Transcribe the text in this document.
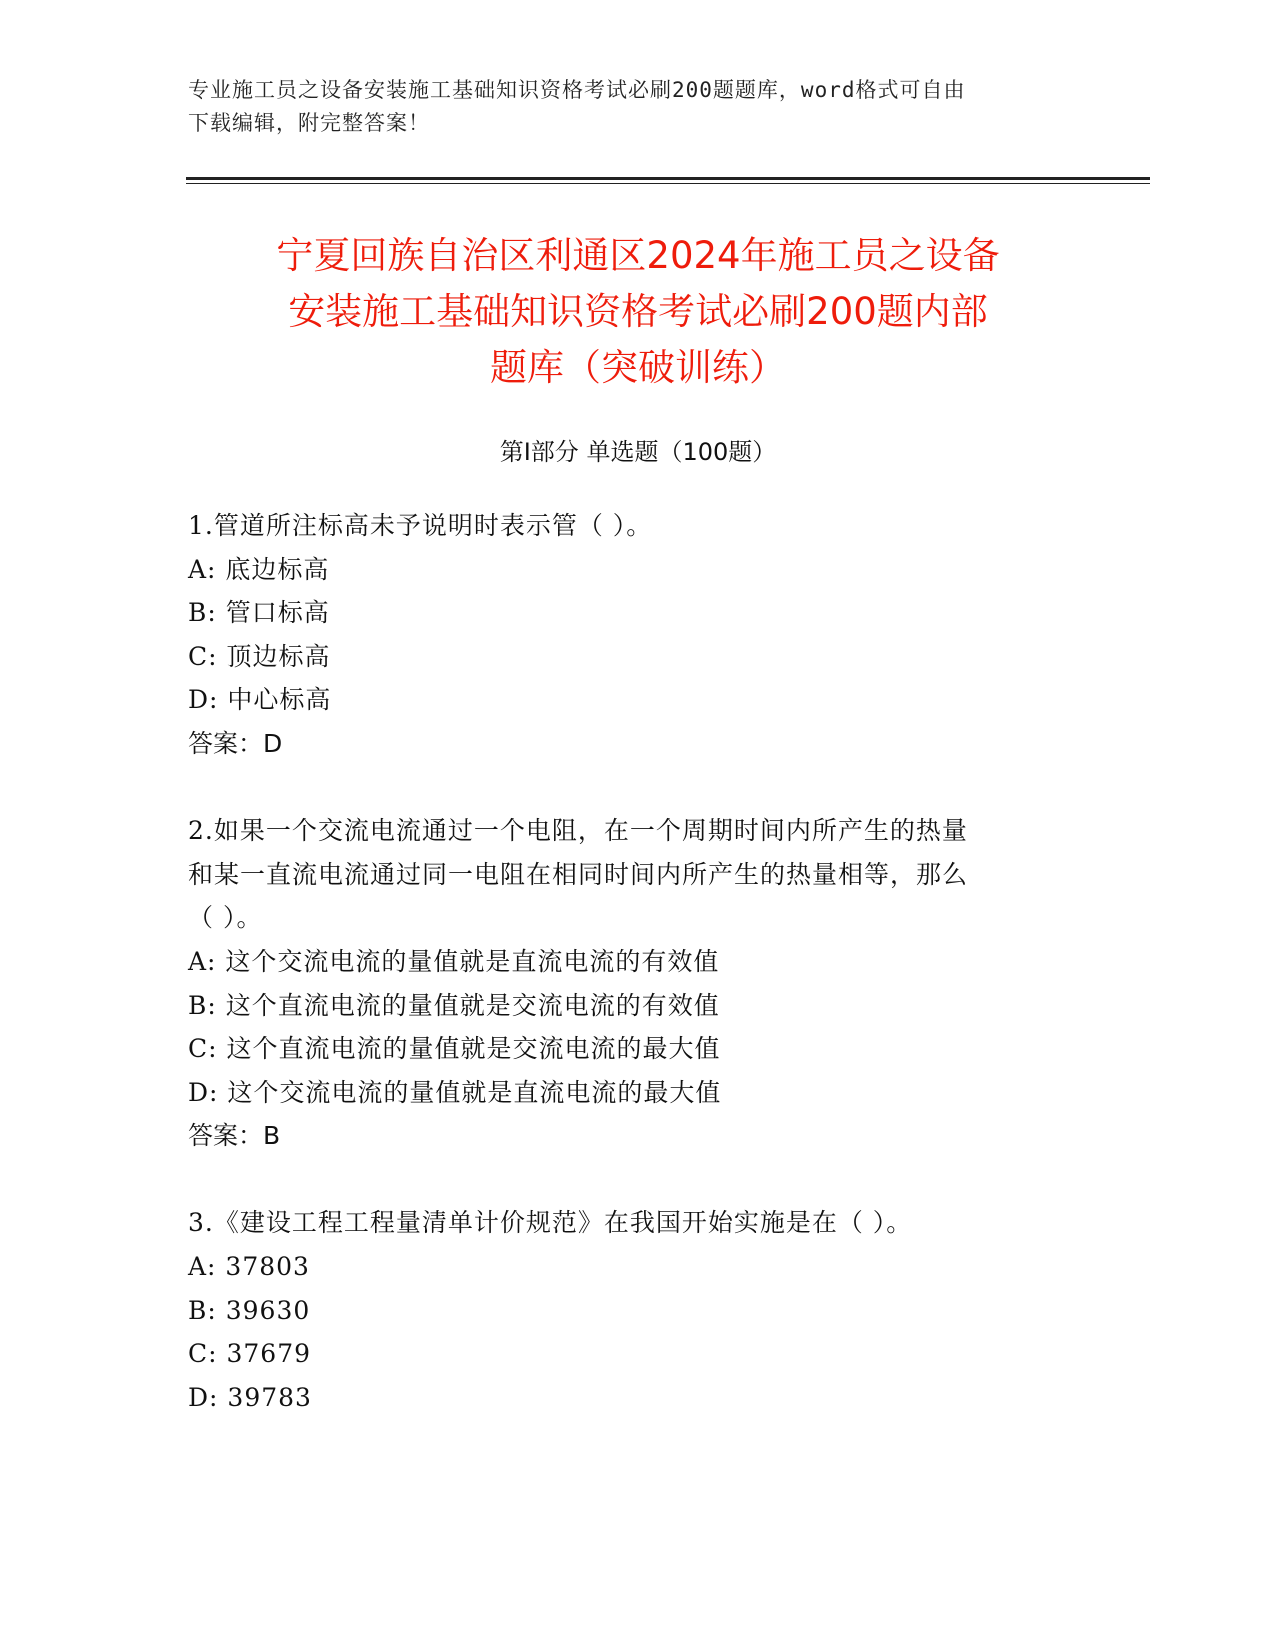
专业施工员之设备安装施工基础知识资格考试必刷200题题库，word格式可自由
下载编辑，附完整答案！
宁夏回族自治区利通区2024年施工员之设备
安装施工基础知识资格考试必刷200题内部
题库（突破训练）
第Ⅰ部分 单选题（100题）
1.管道所注标高未予说明时表示管（ ）。
A: 底边标高
B: 管口标高
C: 顶边标高
D: 中心标高
答案：D
2.如果一个交流电流通过一个电阻，在一个周期时间内所产生的热量
和某一直流电流通过同一电阻在相同时间内所产生的热量相等，那么
（ ）。
A: 这个交流电流的量值就是直流电流的有效值
B: 这个直流电流的量值就是交流电流的有效值
C: 这个直流电流的量值就是交流电流的最大值
D: 这个交流电流的量值就是直流电流的最大值
答案：B
3.《建设工程工程量清单计价规范》在我国开始实施是在（ ）。
A: 37803
B: 39630
C: 37679
D: 39783
